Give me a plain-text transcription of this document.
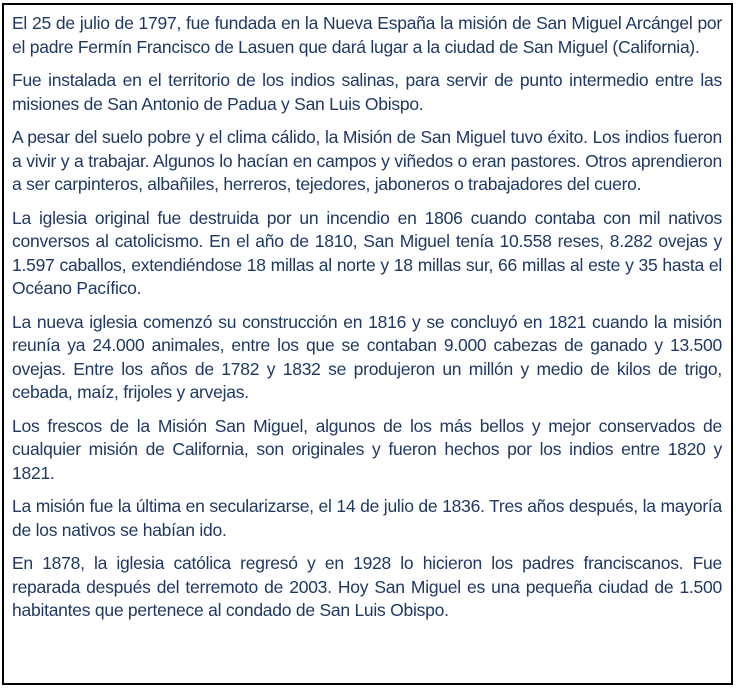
El 25 de julio de 1797, fue fundada en la Nueva España la misión de San Miguel Arcángel por el padre Fermín Francisco de Lasuen que dará lugar a la ciudad de San Miguel (California).

Fue instalada en el territorio de los indios salinas, para servir de punto intermedio entre las misiones de San Antonio de Padua y San Luis Obispo.

A pesar del suelo pobre y el clima cálido, la Misión de San Miguel tuvo éxito. Los indios fueron a vivir y a trabajar. Algunos lo hacían en campos y viñedos o eran pastores. Otros aprendieron a ser carpinteros, albañiles, herreros, tejedores, jaboneros o trabajadores del cuero.

La iglesia original fue destruida por un incendio en 1806 cuando contaba con mil nativos conversos al catolicismo. En el año de 1810, San Miguel tenía 10.558 reses, 8.282 ovejas y 1.597 caballos, extendiéndose 18 millas al norte y 18 millas sur, 66 millas al este y 35 hasta el Océano Pacífico.

La nueva iglesia comenzó su construcción en 1816 y se concluyó en 1821 cuando la misión reunía ya 24.000 animales, entre los que se contaban 9.000 cabezas de ganado y 13.500 ovejas. Entre los años de 1782 y 1832 se produjeron un millón y medio de kilos de trigo, cebada, maíz, frijoles y arvejas.

Los frescos de la Misión San Miguel, algunos de los más bellos y mejor conservados de cualquier misión de California, son originales y fueron hechos por los indios entre 1820 y 1821.

La misión fue la última en secularizarse, el 14 de julio de 1836. Tres años después, la mayoría de los nativos se habían ido.

En 1878, la iglesia católica regresó y en 1928 lo hicieron los padres franciscanos. Fue reparada después del terremoto de 2003. Hoy San Miguel es una pequeña ciudad de 1.500 habitantes que pertenece al condado de San Luis Obispo.
